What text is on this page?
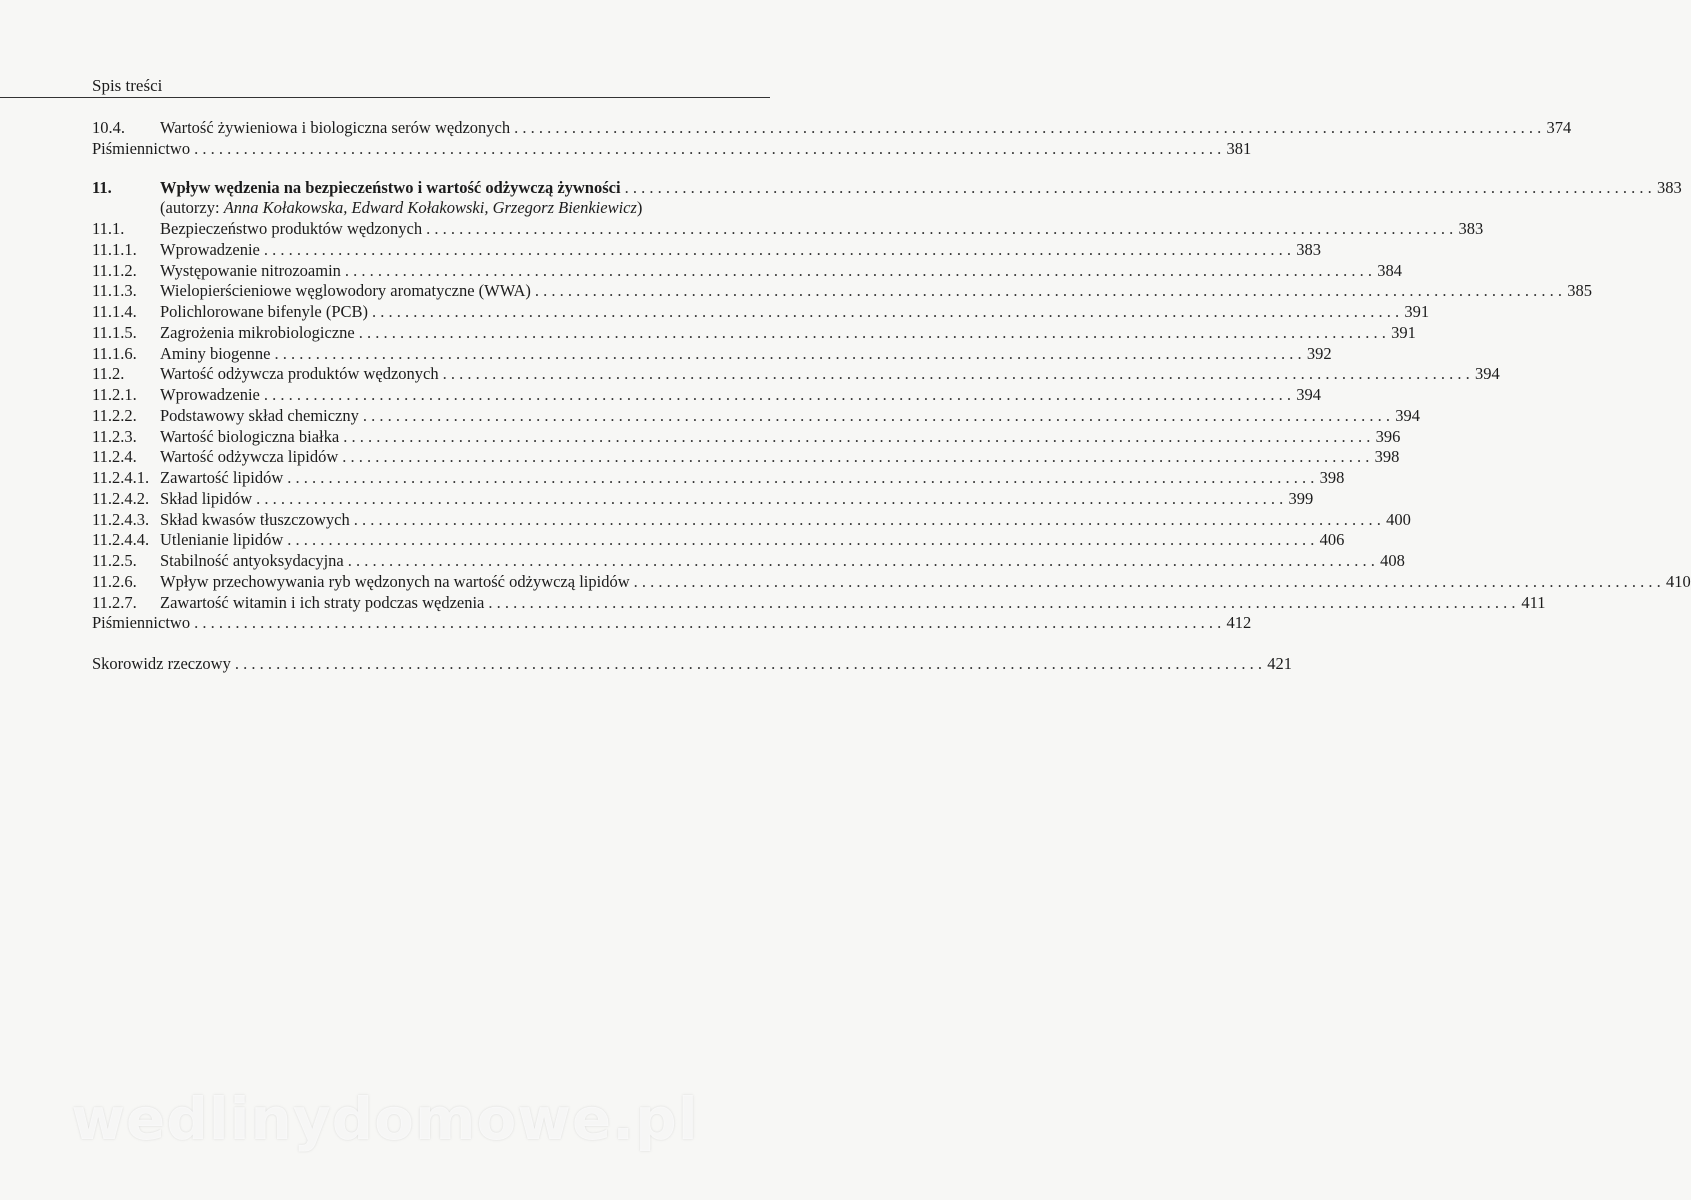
Spis treści
10.4.	Wartość żywieniowa i biologiczna serów wędzonych . . .	374
Piśmiennictwo . . .	381
11.	Wpływ wędzenia na bezpieczeństwo i wartość odżywczą żywności . . .	383
(autorzy: Anna Kołakowska, Edward Kołakowski, Grzegorz Bienkiewicz)
11.1.	Bezpieczeństwo produktów wędzonych . . .	383
11.1.1.	Wprowadzenie . . .	383
11.1.2.	Występowanie nitrozoamin . . .	384
11.1.3.	Wielopierścieniowe węglowodory aromatyczne (WWA) . . .	385
11.1.4.	Polichlorowane bifenyle (PCB) . . .	391
11.1.5.	Zagrożenia mikrobiologiczne . . .	391
11.1.6.	Aminy biogenne . . .	392
11.2.	Wartość odżywcza produktów wędzonych . . .	394
11.2.1.	Wprowadzenie . . .	394
11.2.2.	Podstawowy skład chemiczny . . .	394
11.2.3.	Wartość biologiczna białka . . .	396
11.2.4.	Wartość odżywcza lipidów . . .	398
11.2.4.1. Zawartość lipidów . . .	398
11.2.4.2. Skład lipidów . . .	399
11.2.4.3. Skład kwasów tłuszczowych . . .	400
11.2.4.4. Utlenianie lipidów . . .	406
11.2.5.	Stabilność antyoksydacyjna . . .	408
11.2.6.	Wpływ przechowywania ryb wędzonych na wartość odżywczą lipidów . . .	410
11.2.7.	Zawartość witamin i ich straty podczas wędzenia . . .	411
Piśmiennictwo . . .	412
Skorowidz rzeczowy . . .	421
wedlinydomowe.pl
